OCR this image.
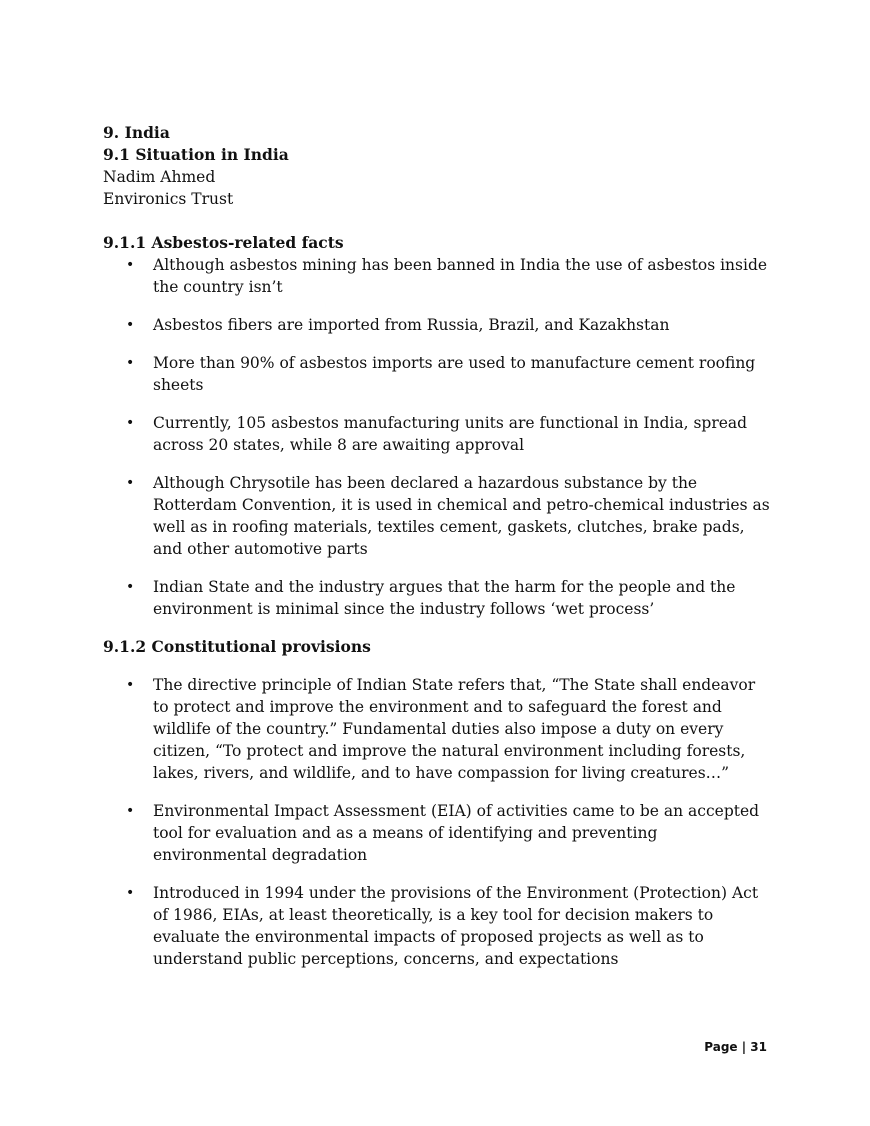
9. India

9.1 Situation in India

Nadim Ahmed

Environics Trust

9.1.1 Asbestos-related facts

• Although asbestos mining has been banned in India the use of asbestos inside the country isn’t
• Asbestos fibers are imported from Russia, Brazil, and Kazakhstan
• More than 90% of asbestos imports are used to manufacture cement roofing sheets
• Currently, 105 asbestos manufacturing units are functional in India, spread across 20 states, while 8 are awaiting approval
• Although Chrysotile has been declared a hazardous substance by the Rotterdam Convention, it is used in chemical and petro-chemical industries as well as in roofing materials, textiles cement, gaskets, clutches, brake pads, and other automotive parts
• Indian State and the industry argues that the harm for the people and the environment is minimal since the industry follows ‘wet process’

9.1.2 Constitutional provisions

• The directive principle of Indian State refers that, “The State shall endeavor to protect and improve the environment and to safeguard the forest and wildlife of the country.” Fundamental duties also impose a duty on every citizen, “To protect and improve the natural environment including forests, lakes, rivers, and wildlife, and to have compassion for living creatures…”
• Environmental Impact Assessment (EIA) of activities came to be an accepted tool for evaluation and as a means of identifying and preventing environmental degradation
• Introduced in 1994 under the provisions of the Environment (Protection) Act of 1986, EIAs, at least theoretically, is a key tool for decision makers to evaluate the environmental impacts of proposed projects as well as to understand public perceptions, concerns, and expectations
Page | 31
